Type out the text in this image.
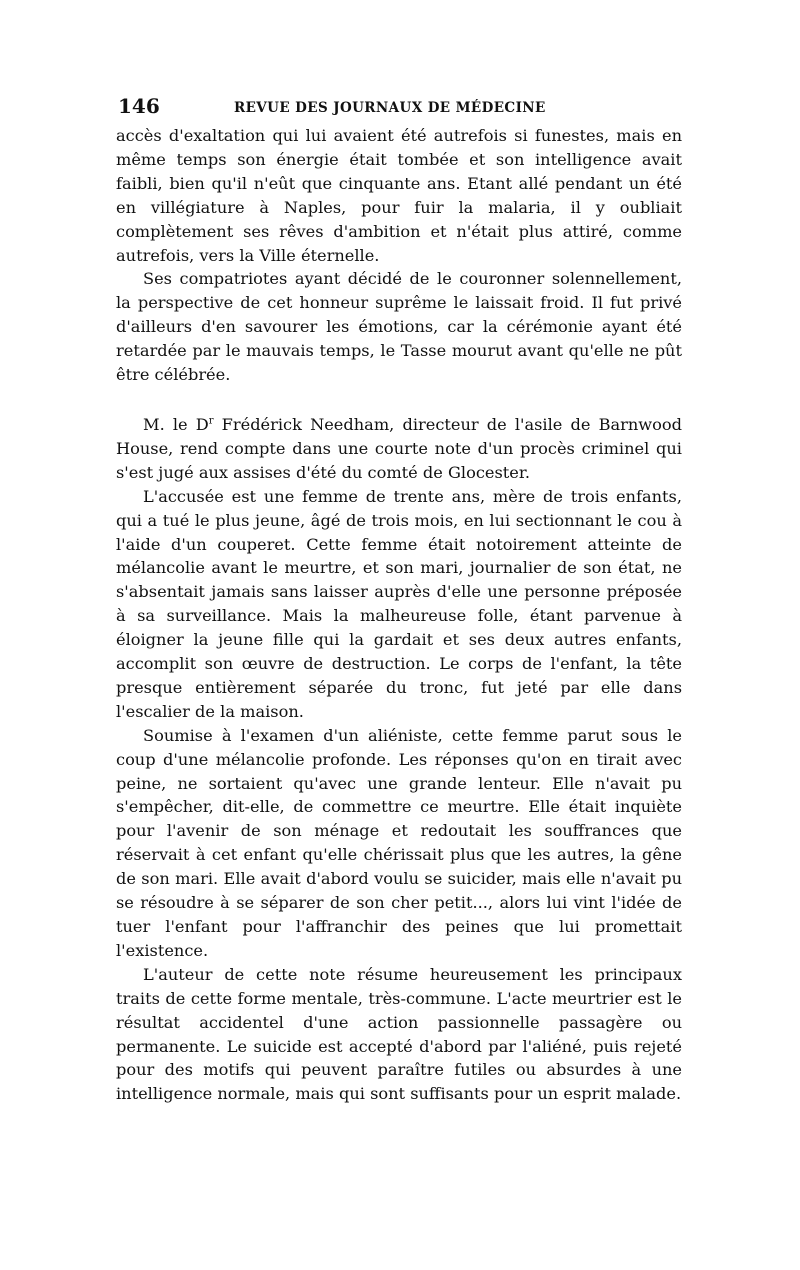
146	REVUE DES JOURNAUX DE MÉDECINE

accès d'exaltation qui lui avaient été autrefois si funestes, mais en même temps son énergie était tombée et son intelligence avait faibli, bien qu'il n'eût que cinquante ans. Etant allé pendant un été en villégiature à Naples, pour fuir la malaria, il y oubliait complètement ses rêves d'ambition et n'était plus attiré, comme autrefois, vers la Ville éternelle.

Ses compatriotes ayant décidé de le couronner solennellement, la perspective de cet honneur suprême le laissait froid. Il fut privé d'ailleurs d'en savourer les émotions, car la cérémonie ayant été retardée par le mauvais temps, le Tasse mourut avant qu'elle ne pût être célébrée.

M. le $D^r$ Frédérick Needham, directeur de l'asile de Barnwood House, rend compte dans une courte note d'un procès criminel qui s'est jugé aux assises d'été du comté de Glocester.

L'accusée est une femme de trente ans, mère de trois enfants, qui a tué le plus jeune, âgé de trois mois, en lui sectionnant le cou à l'aide d'un couperet. Cette femme était notoirement atteinte de mélancolie avant le meurtre, et son mari, journalier de son état, ne s'absentait jamais sans laisser auprès d'elle une personne préposée à sa surveillance. Mais la malheureuse folle, étant parvenue à éloigner la jeune fille qui la gardait et ses deux autres enfants, accomplit son œuvre de destruction. Le corps de l'enfant, la tête presque entièrement séparée du tronc, fut jeté par elle dans l'escalier de la maison.

Soumise à l'examen d'un aliéniste, cette femme parut sous le coup d'une mélancolie profonde. Les réponses qu'on en tirait avec peine, ne sortaient qu'avec une grande lenteur. Elle n'avait pu s'empêcher, dit-elle, de commettre ce meurtre. Elle était inquiète pour l'avenir de son ménage et redoutait les souffrances que réservait à cet enfant qu'elle chérissait plus que les autres, la gêne de son mari. Elle avait d'abord voulu se suicider, mais elle n'avait pu se résoudre à se séparer de son cher petit..., alors lui vint l'idée de tuer l'enfant pour l'affranchir des peines que lui promettait l'existence.

L'auteur de cette note résume heureusement les principaux traits de cette forme mentale, très-commune. L'acte meurtrier est le résultat accidentel d'une action passionnelle passagère ou permanente. Le suicide est accepté d'abord par l'aliéné, puis rejeté pour des motifs qui peuvent paraître futiles ou absurdes à une intelligence normale, mais qui sont suffisants pour un esprit malade.
